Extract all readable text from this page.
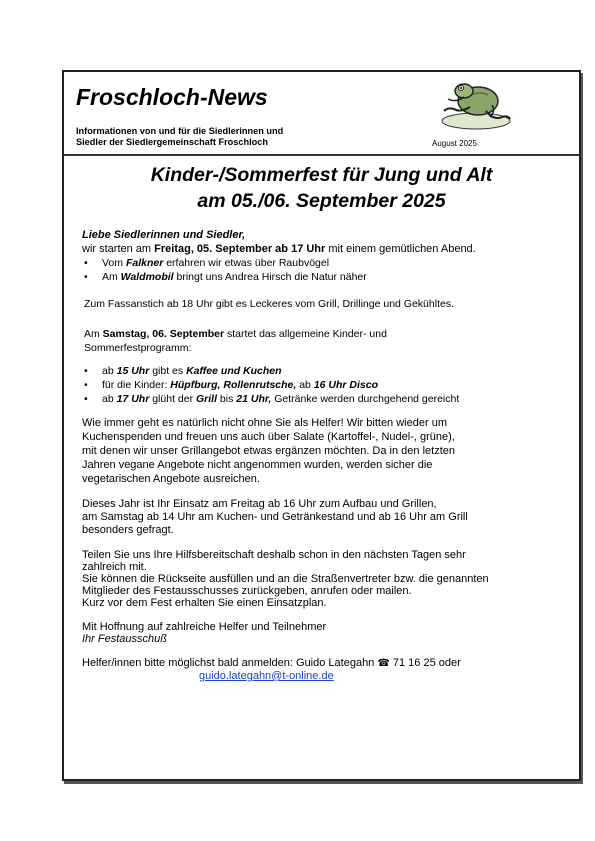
Froschloch-News
Informationen von und für die Siedlerinnen und
Siedler der Siedlergemeinschaft Froschloch	August 2025
Kinder-/Sommerfest für Jung und Alt
am 05./06. September 2025
Liebe Siedlerinnen und Siedler,
wir starten am Freitag, 05. September ab 17 Uhr mit einem gemütlichen Abend.
• Vom Falkner erfahren wir etwas über Raubvögel
• Am Waldmobil bringt uns Andrea Hirsch die Natur näher
Zum Fassanstich ab 18 Uhr gibt es Leckeres vom Grill, Drillinge und Gekühltes.
Am Samstag, 06. September startet das allgemeine Kinder- und
Sommerfestprogramm:
• ab 15 Uhr gibt es Kaffee und Kuchen
• für die Kinder: Hüpfburg, Rollenrutsche, ab 16 Uhr Disco
• ab 17 Uhr glüht der Grill bis 21 Uhr, Getränke werden durchgehend gereicht
Wie immer geht es natürlich nicht ohne Sie als Helfer! Wir bitten wieder um
Kuchenspenden und freuen uns auch über Salate (Kartoffel-, Nudel-, grüne),
mit denen wir unser Grillangebot etwas ergänzen möchten. Da in den letzten
Jahren vegane Angebote nicht angenommen wurden, werden sicher die
vegetarischen Angebote ausreichen.
Dieses Jahr ist Ihr Einsatz am Freitag ab 16 Uhr zum Aufbau und Grillen,
am Samstag ab 14 Uhr am Kuchen- und Getränkestand und ab 16 Uhr am Grill
besonders gefragt.
Teilen Sie uns Ihre Hilfsbereitschaft deshalb schon in den nächsten Tagen sehr
zahlreich mit.
Sie können die Rückseite ausfüllen und an die Straßenvertreter bzw. die genannten
Mitglieder des Festausschusses zurückgeben, anrufen oder mailen.
Kurz vor dem Fest erhalten Sie einen Einsatzplan.
Mit Hoffnung auf zahlreiche Helfer und Teilnehmer
Ihr Festausschuß
Helfer/innen bitte möglichst bald anmelden: Guido Lategahn ☎ 71 16 25 oder
guido.lategahn@t-online.de
